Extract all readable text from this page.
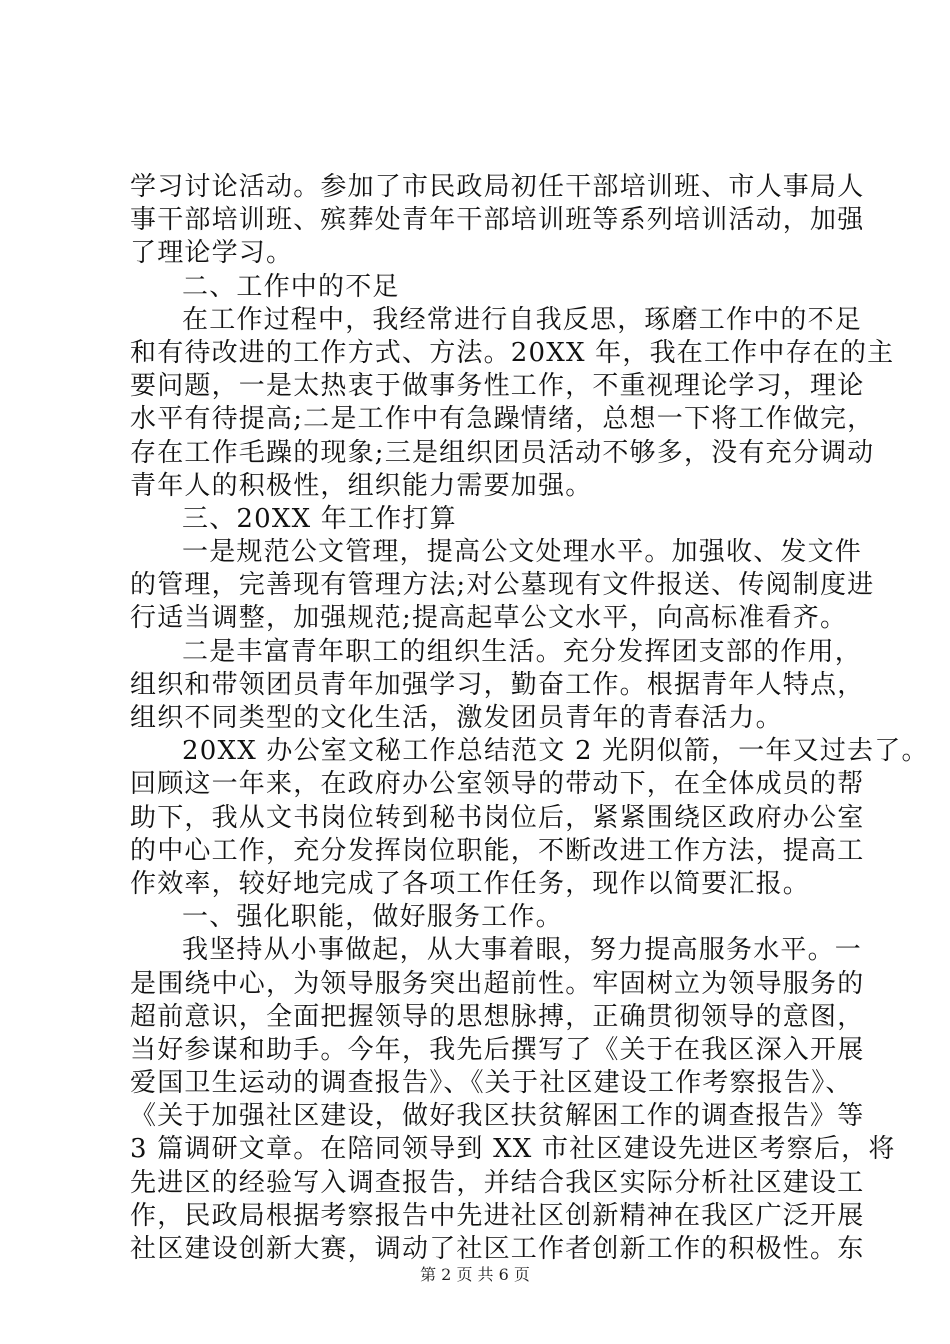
学习讨论活动。参加了市民政局初任干部培训班、市人事局人
事干部培训班、殡葬处青年干部培训班等系列培训活动，加强
了理论学习。
二、工作中的不足
在工作过程中，我经常进行自我反思，琢磨工作中的不足
和有待改进的工作方式、方法。20XX 年，我在工作中存在的主
要问题，一是太热衷于做事务性工作，不重视理论学习，理论
水平有待提高;二是工作中有急躁情绪，总想一下将工作做完，
存在工作毛躁的现象;三是组织团员活动不够多，没有充分调动
青年人的积极性，组织能力需要加强。
三、20XX 年工作打算
一是规范公文管理，提高公文处理水平。加强收、发文件
的管理，完善现有管理方法;对公墓现有文件报送、传阅制度进
行适当调整，加强规范;提高起草公文水平，向高标准看齐。
二是丰富青年职工的组织生活。充分发挥团支部的作用，
组织和带领团员青年加强学习，勤奋工作。根据青年人特点，
组织不同类型的文化生活，激发团员青年的青春活力。
20XX 办公室文秘工作总结范文 2 光阴似箭，一年又过去了。
回顾这一年来，在政府办公室领导的带动下，在全体成员的帮
助下，我从文书岗位转到秘书岗位后，紧紧围绕区政府办公室
的中心工作，充分发挥岗位职能，不断改进工作方法，提高工
作效率，较好地完成了各项工作任务，现作以简要汇报。
一、强化职能，做好服务工作。
我坚持从小事做起，从大事着眼，努力提高服务水平。一
是围绕中心，为领导服务突出超前性。牢固树立为领导服务的
超前意识，全面把握领导的思想脉搏，正确贯彻领导的意图，
当好参谋和助手。今年，我先后撰写了《关于在我区深入开展
爱国卫生运动的调查报告》、《关于社区建设工作考察报告》、
《关于加强社区建设，做好我区扶贫解困工作的调查报告》等
3 篇调研文章。在陪同领导到 XX 市社区建设先进区考察后，将
先进区的经验写入调查报告，并结合我区实际分析社区建设工
作，民政局根据考察报告中先进社区创新精神在我区广泛开展
社区建设创新大赛，调动了社区工作者创新工作的积极性。东
第 2 页 共 6 页
